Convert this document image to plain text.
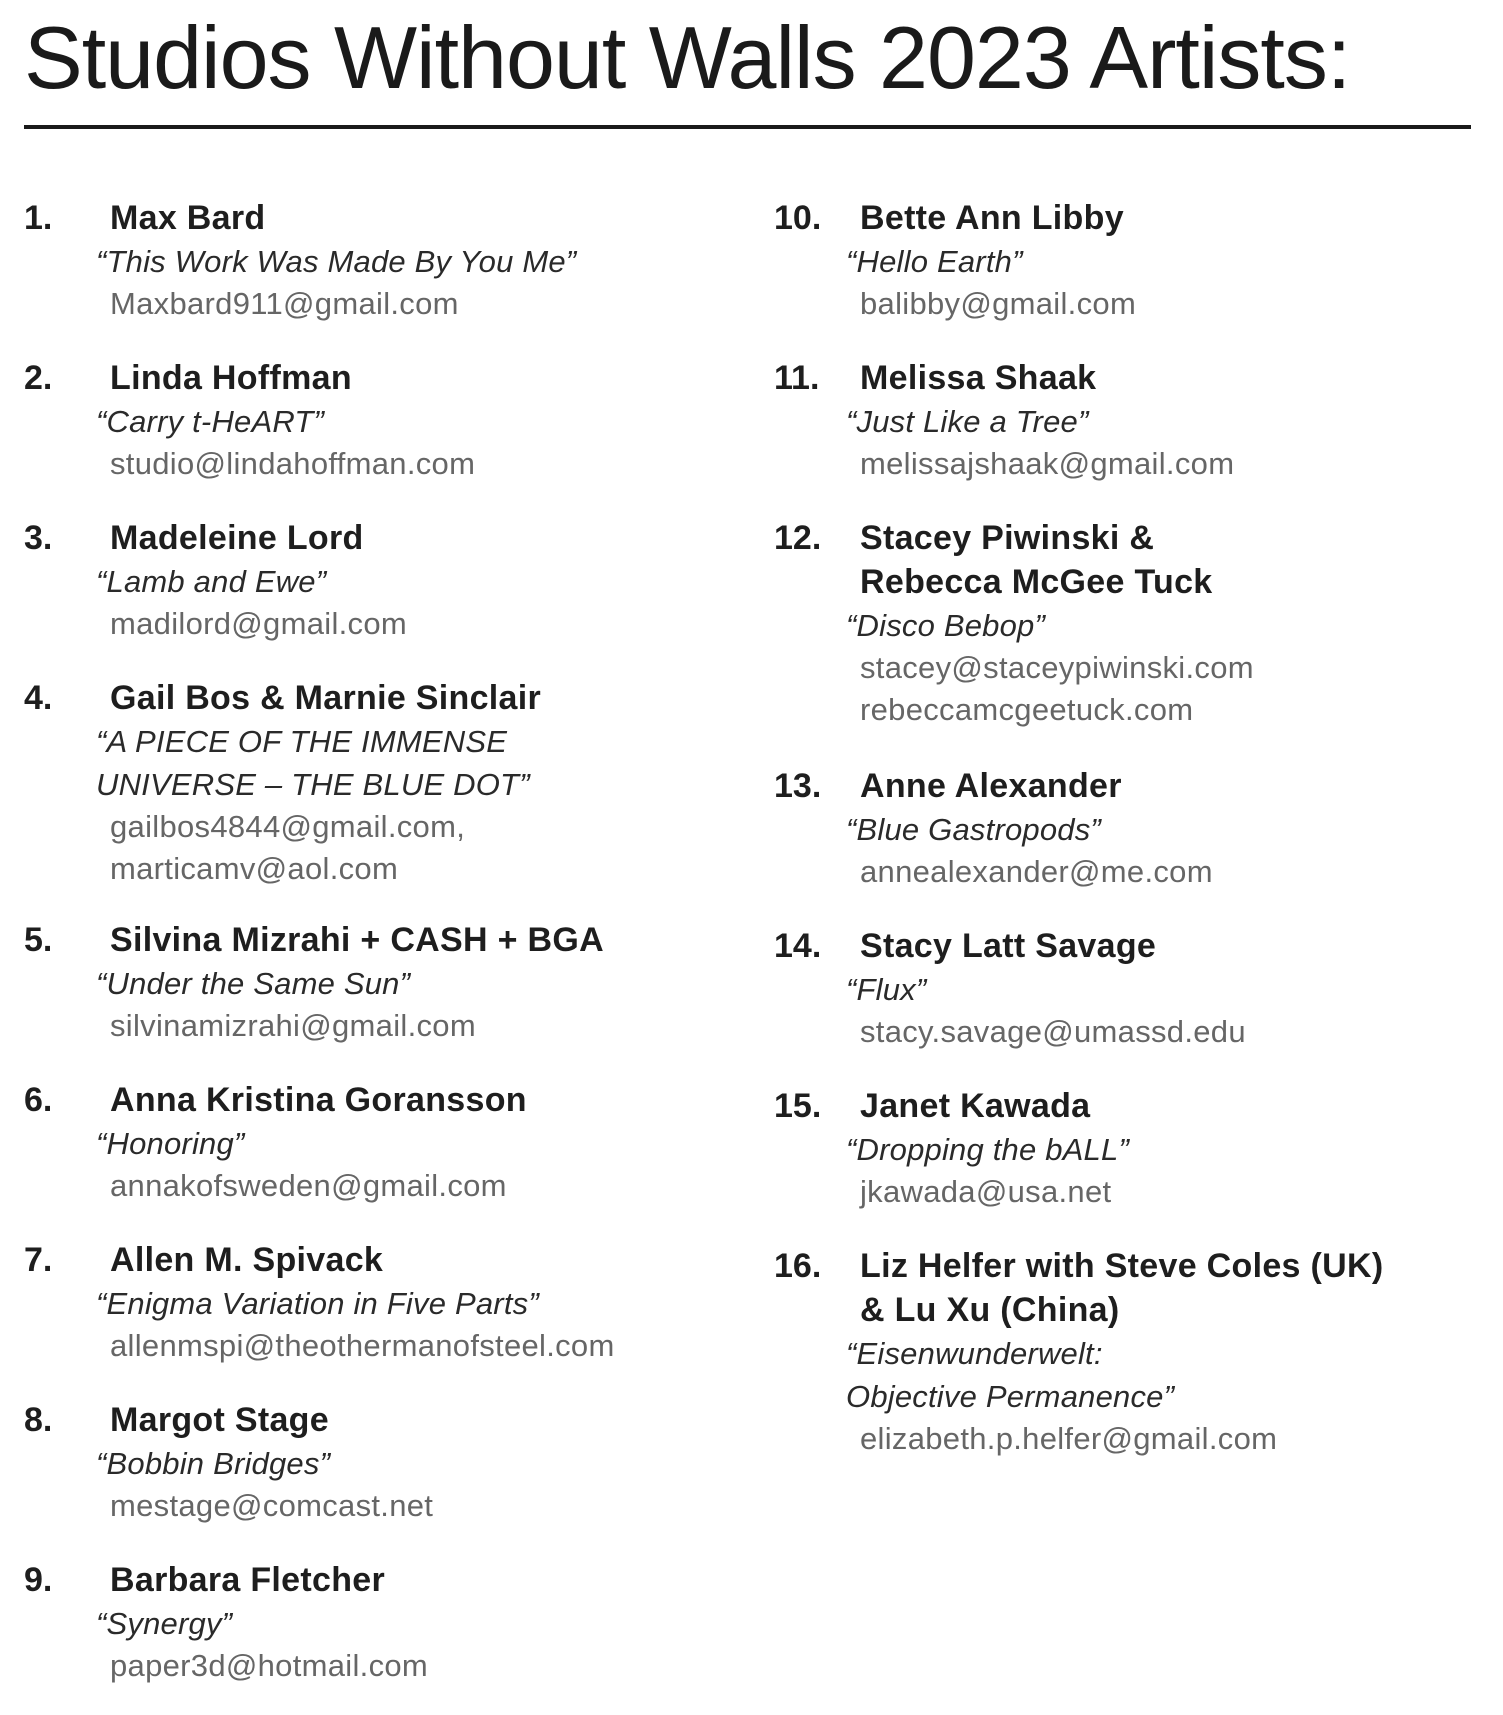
Studios Without Walls 2023 Artists:
1. Max Bard
“This Work Was Made By You Me”
Maxbard911@gmail.com
2. Linda Hoffman
“Carry t-HeART”
studio@lindahoffman.com
3. Madeleine Lord
“Lamb and Ewe”
madilord@gmail.com
4. Gail Bos & Marnie Sinclair
“A PIECE OF THE IMMENSE
UNIVERSE – THE BLUE DOT”
gailbos4844@gmail.com,
marticamv@aol.com
5. Silvina Mizrahi + CASH + BGA
“Under the Same Sun”
silvinamizrahi@gmail.com
6. Anna Kristina Goransson
“Honoring”
annakofsweden@gmail.com
7. Allen M. Spivack
“Enigma Variation in Five Parts”
allenmspi@theothermanofsteel.com
8. Margot Stage
“Bobbin Bridges”
mestage@comcast.net
9. Barbara Fletcher
“Synergy”
paper3d@hotmail.com
10. Bette Ann Libby
“Hello Earth”
balibby@gmail.com
11. Melissa Shaak
“Just Like a Tree”
melissajshaak@gmail.com
12. Stacey Piwinski &
Rebecca McGee Tuck
“Disco Bebop”
stacey@staceypiwinski.com
rebeccamcgeetuck.com
13. Anne Alexander
“Blue Gastropods”
annealexander@me.com
14. Stacy Latt Savage
“Flux”
stacy.savage@umassd.edu
15. Janet Kawada
“Dropping the bALL”
jkawada@usa.net
16. Liz Helfer with Steve Coles (UK)
& Lu Xu (China)
“Eisenwunderwelt:
Objective Permanence”
elizabeth.p.helfer@gmail.com
